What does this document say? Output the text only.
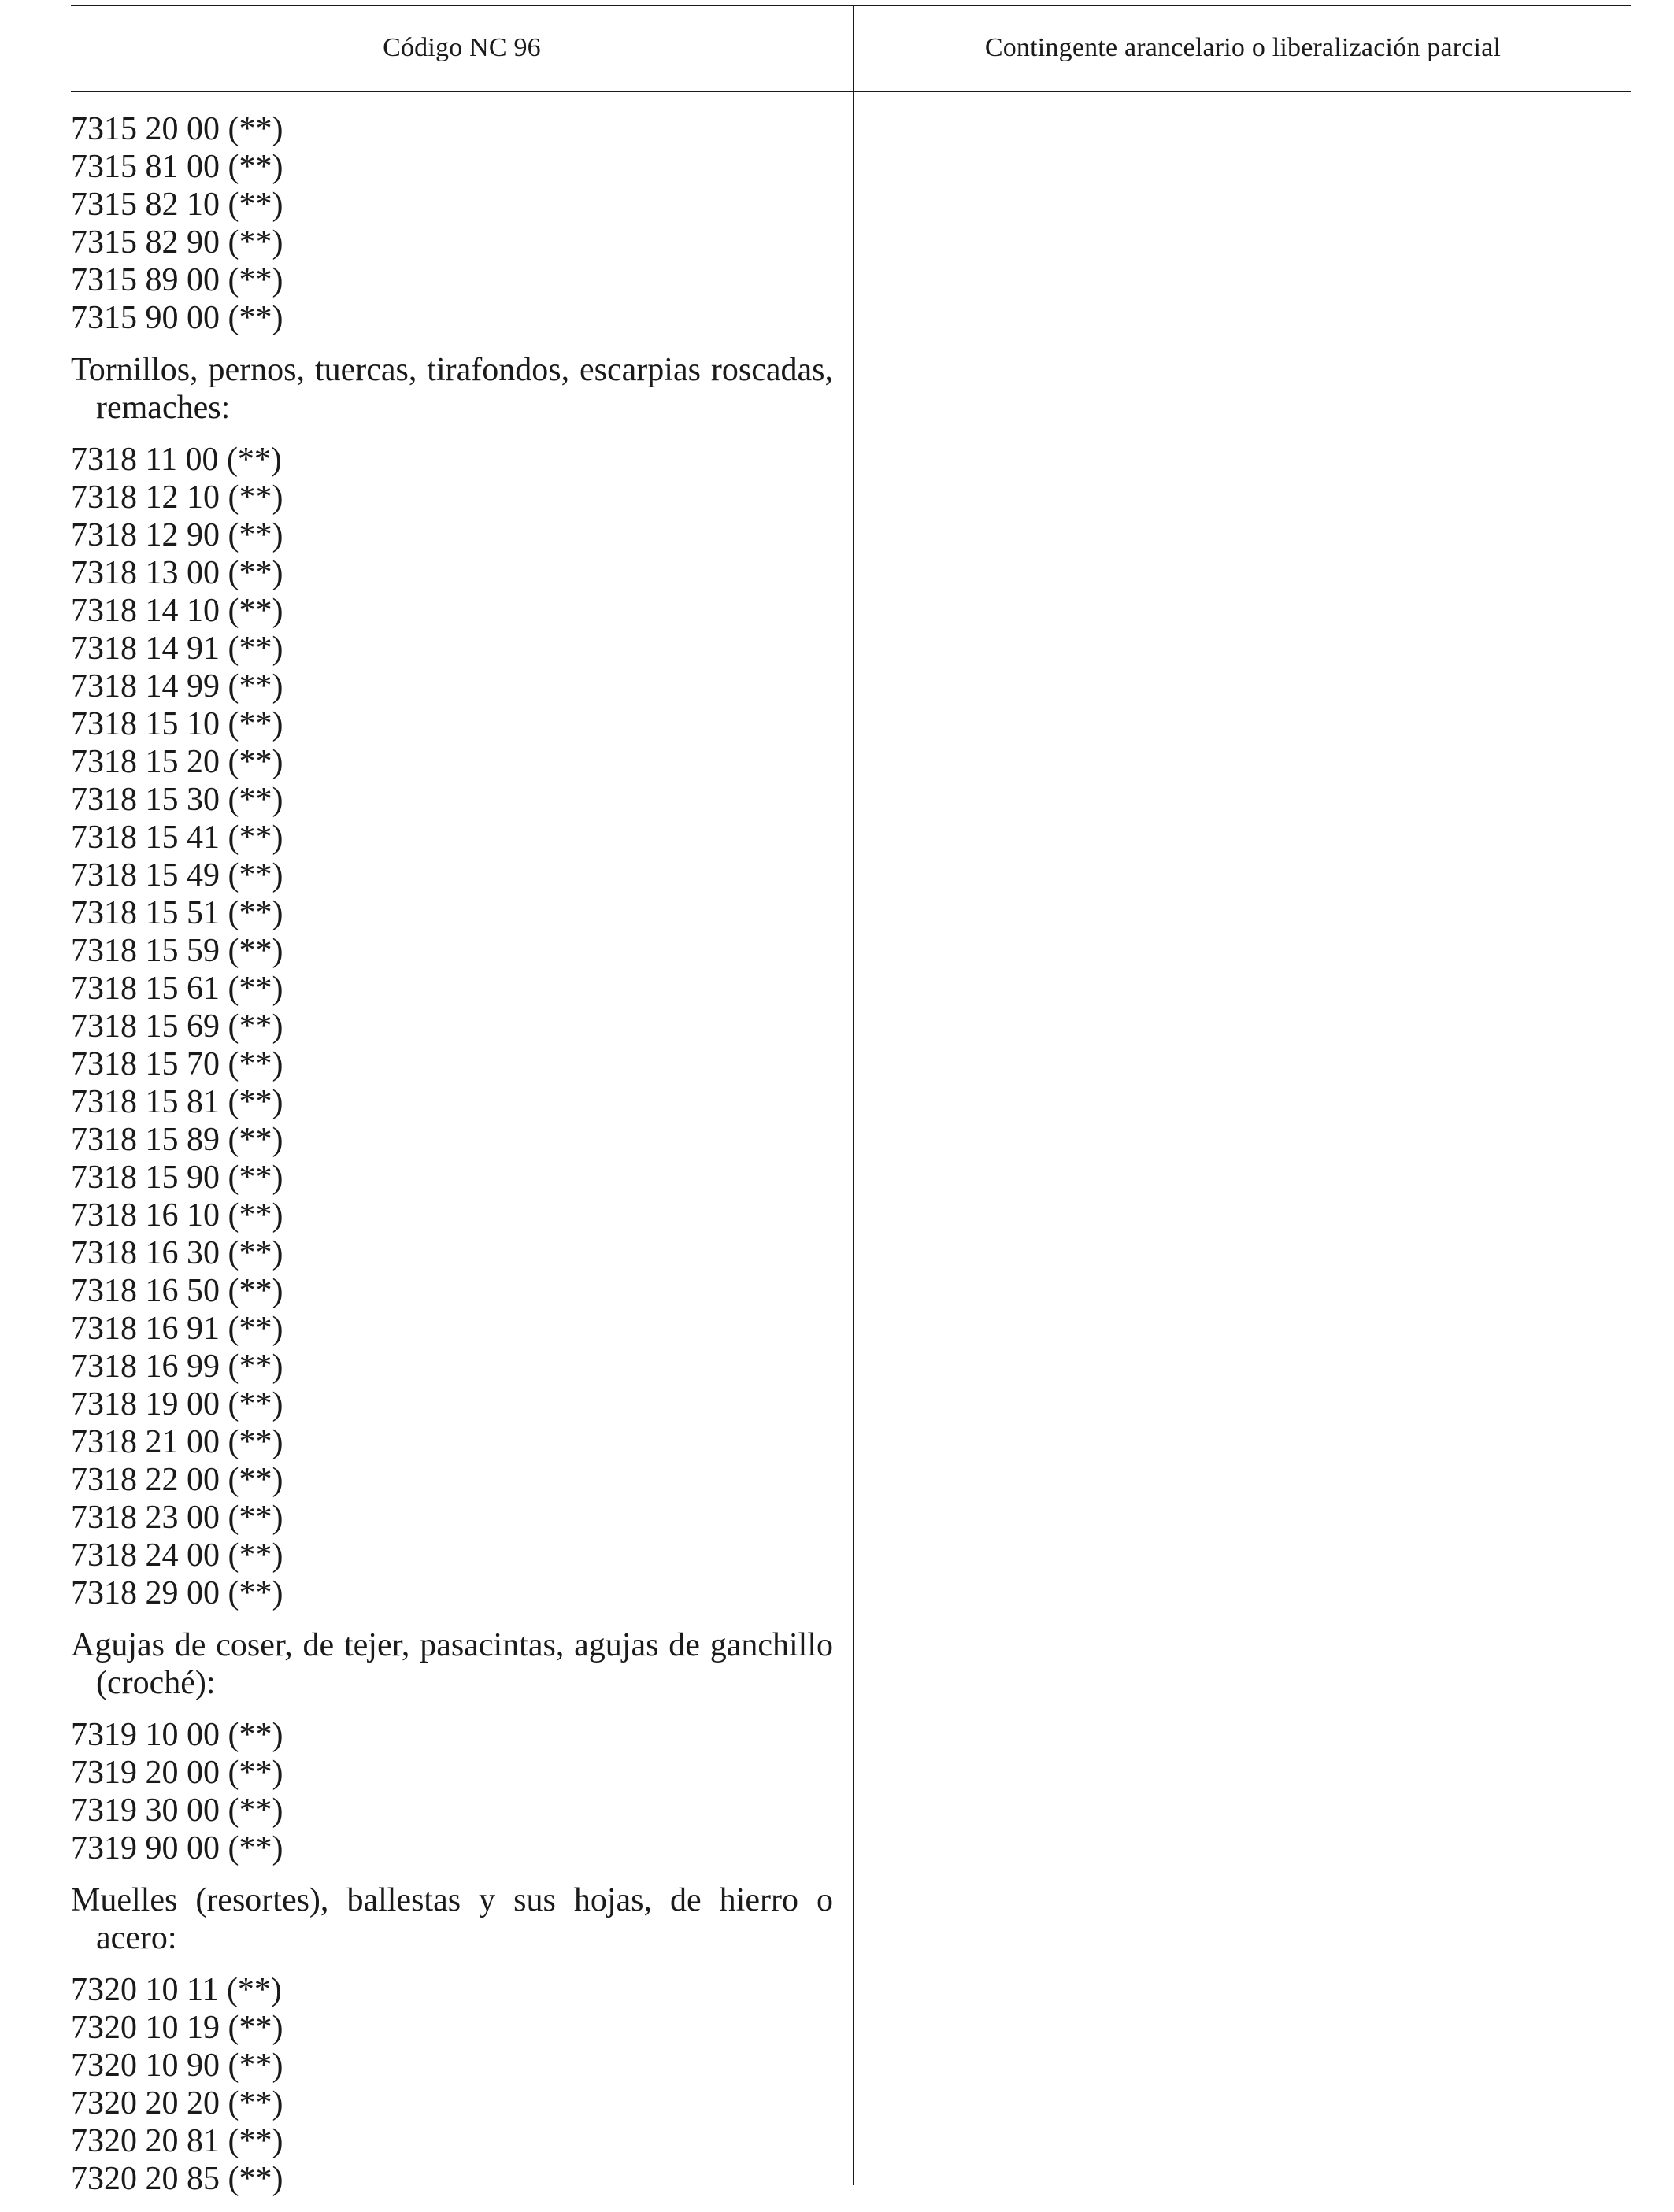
Código NC 96	Contingente arancelario o liberalización parcial
7315 20 00 (**)
7315 81 00 (**)
7315 82 10 (**)
7315 82 90 (**)
7315 89 00 (**)
7315 90 00 (**)
Tornillos, pernos, tuercas, tirafondos, escarpias roscadas, remaches:
7318 11 00 (**)
7318 12 10 (**)
7318 12 90 (**)
7318 13 00 (**)
7318 14 10 (**)
7318 14 91 (**)
7318 14 99 (**)
7318 15 10 (**)
7318 15 20 (**)
7318 15 30 (**)
7318 15 41 (**)
7318 15 49 (**)
7318 15 51 (**)
7318 15 59 (**)
7318 15 61 (**)
7318 15 69 (**)
7318 15 70 (**)
7318 15 81 (**)
7318 15 89 (**)
7318 15 90 (**)
7318 16 10 (**)
7318 16 30 (**)
7318 16 50 (**)
7318 16 91 (**)
7318 16 99 (**)
7318 19 00 (**)
7318 21 00 (**)
7318 22 00 (**)
7318 23 00 (**)
7318 24 00 (**)
7318 29 00 (**)
Agujas de coser, de tejer, pasacintas, agujas de ganchillo (croché):
7319 10 00 (**)
7319 20 00 (**)
7319 30 00 (**)
7319 90 00 (**)
Muelles (resortes), ballestas y sus hojas, de hierro o acero:
7320 10 11 (**)
7320 10 19 (**)
7320 10 90 (**)
7320 20 20 (**)
7320 20 81 (**)
7320 20 85 (**)
